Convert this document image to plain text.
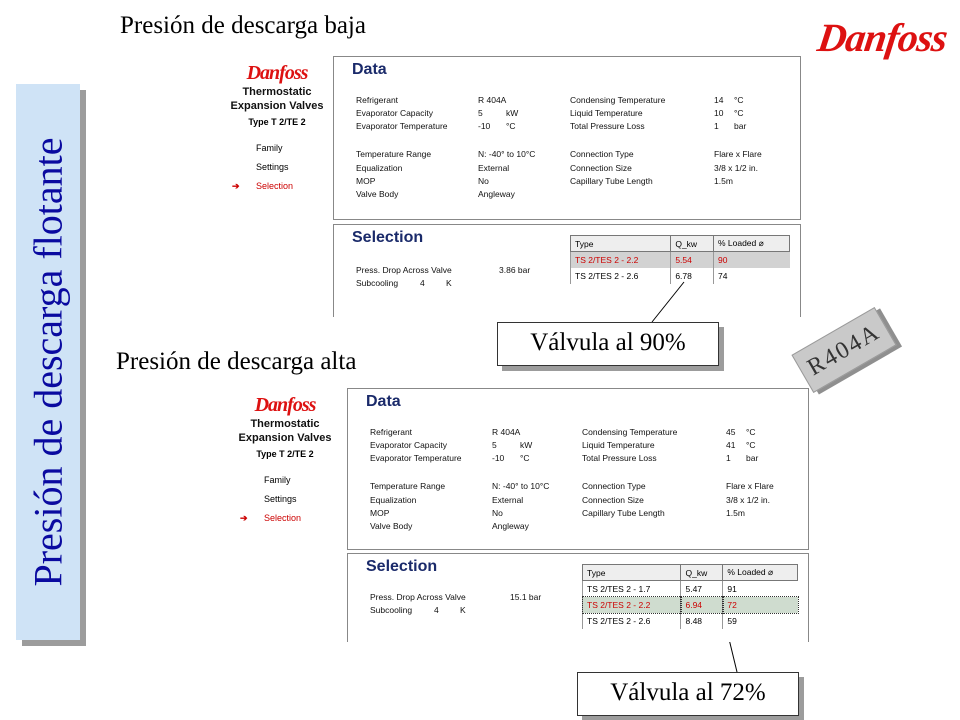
Presión de descarga baja
Presión de descarga alta
Danfoss
Presión de descarga flotante	R404A
Danfoss
Thermostatic
Expansion Valves
Type T 2/TE 2
Family
Settings
➔ Selection
Data
Refrigerant	R 404A
Evaporator Capacity	5	kW
Evaporator Temperature	-10 °C
Temperature Range	N: -40° to 10°C
Equalization	External
MOP	No
Valve Body	Angleway
Condensing Temperature	14 °C
Liquid Temperature	10 °C
Total Pressure Loss	1 bar
Connection Type	Flare x Flare
Connection Size	3/8 x 1/2 in.
Capillary Tube Length	1.5m
Selection
Press. Drop Across Valve	3.86 bar
Subcooling	4	K
Type	Q_kw	% Loaded ⌀
TS 2/TES 2 - 2.2	5.54	90
TS 2/TES 2 - 2.6	6.78	74
Válvula al 90%
Danfoss
Thermostatic
Expansion Valves
Type T 2/TE 2
Family
Settings
➔ Selection
Data
Refrigerant	R 404A
Evaporator Capacity	5	kW
Evaporator Temperature	-10 °C
Temperature Range	N: -40° to 10°C
Equalization	External
MOP	No
Valve Body	Angleway
Condensing Temperature	45 °C
Liquid Temperature	41 °C
Total Pressure Loss	1 bar
Connection Type	Flare x Flare
Connection Size	3/8 x 1/2 in.
Capillary Tube Length	1.5m
Selection
Press. Drop Across Valve	15.1 bar
Subcooling	4	K
Type	Q_kw	% Loaded ⌀
TS 2/TES 2 - 1.7	5.47	91
TS 2/TES 2 - 2.2	6.94	72
TS 2/TES 2 - 2.6	8.48	59
Válvula al 72%
